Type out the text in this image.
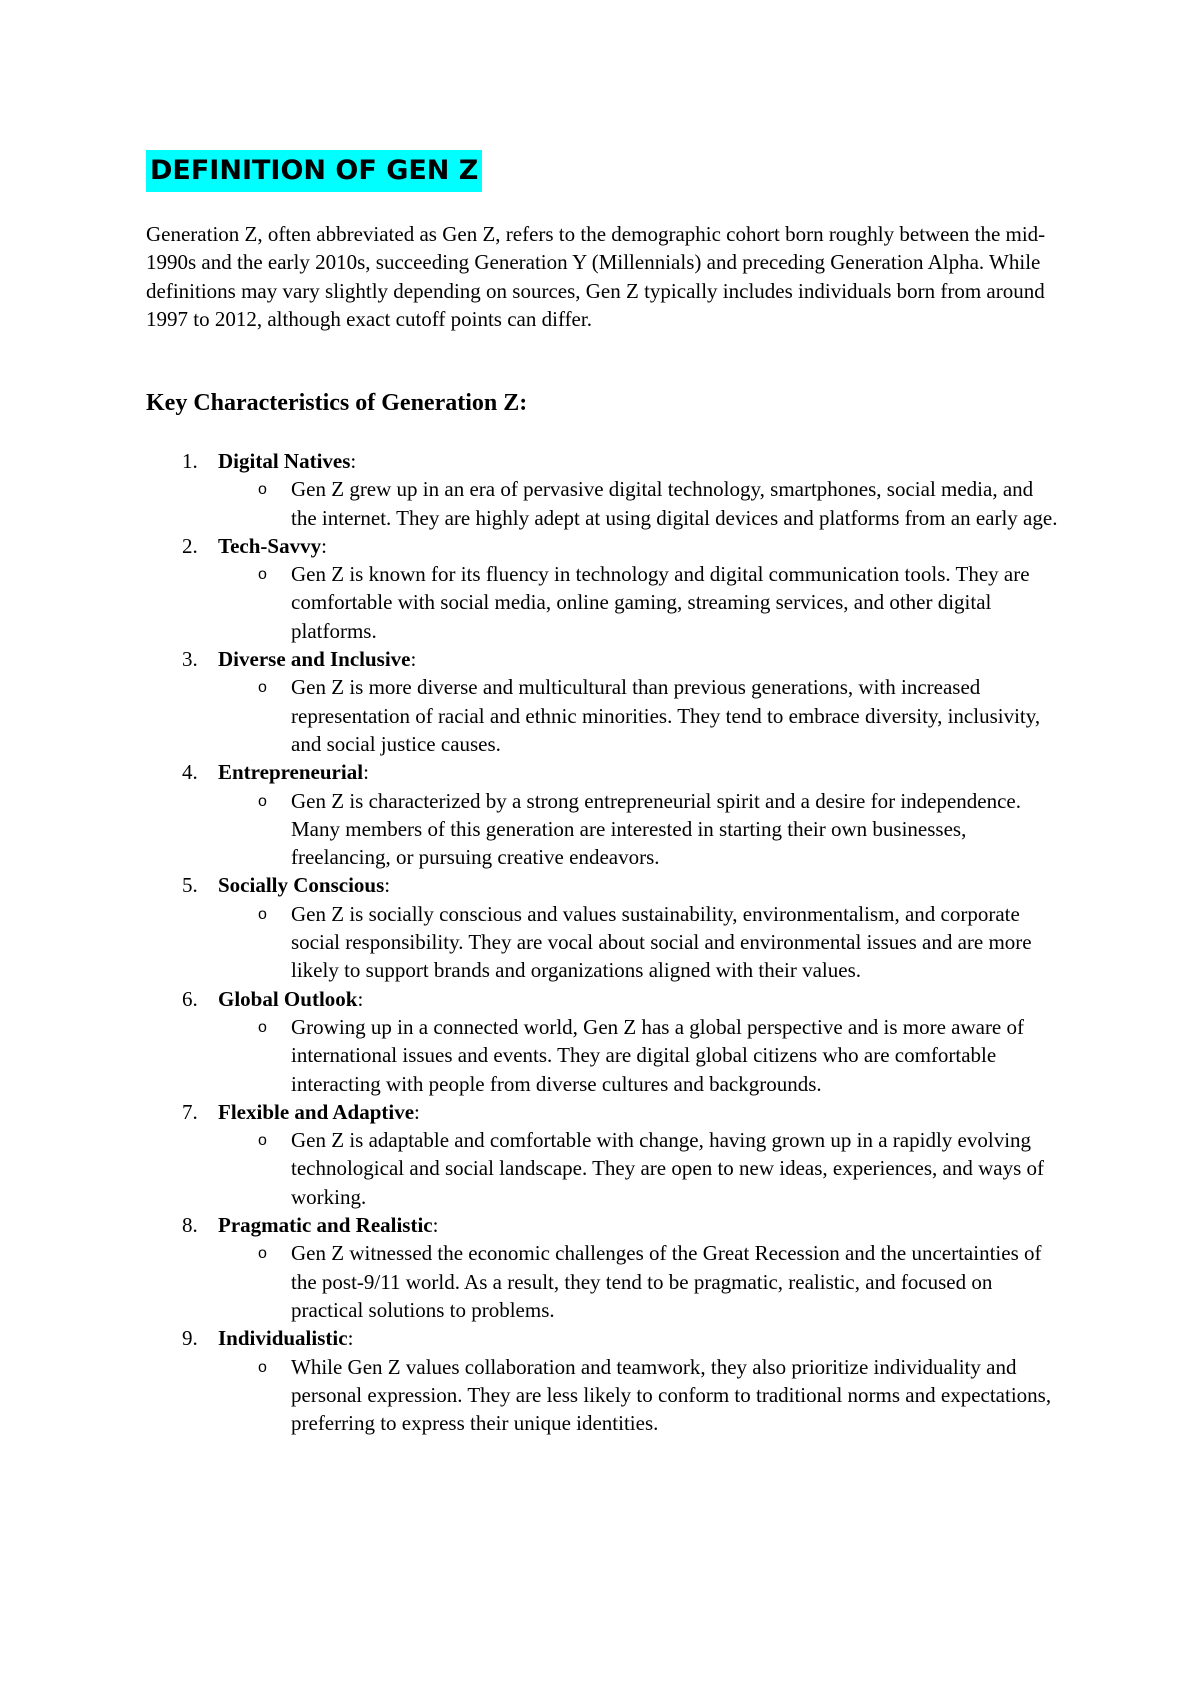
DEFINITION OF GEN Z

Generation Z, often abbreviated as Gen Z, refers to the demographic cohort born roughly between the mid-1990s and the early 2010s, succeeding Generation Y (Millennials) and preceding Generation Alpha. While definitions may vary slightly depending on sources, Gen Z typically includes individuals born from around 1997 to 2012, although exact cutoff points can differ.

Key Characteristics of Generation Z:
1. Digital Natives:
o Gen Z grew up in an era of pervasive digital technology, smartphones, social media, and the internet. They are highly adept at using digital devices and platforms from an early age.
2. Tech-Savvy:
o Gen Z is known for its fluency in technology and digital communication tools. They are comfortable with social media, online gaming, streaming services, and other digital platforms.
3. Diverse and Inclusive:
o Gen Z is more diverse and multicultural than previous generations, with increased representation of racial and ethnic minorities. They tend to embrace diversity, inclusivity, and social justice causes.
4. Entrepreneurial:
o Gen Z is characterized by a strong entrepreneurial spirit and a desire for independence. Many members of this generation are interested in starting their own businesses, freelancing, or pursuing creative endeavors.
5. Socially Conscious:
o Gen Z is socially conscious and values sustainability, environmentalism, and corporate social responsibility. They are vocal about social and environmental issues and are more likely to support brands and organizations aligned with their values.
6. Global Outlook:
o Growing up in a connected world, Gen Z has a global perspective and is more aware of international issues and events. They are digital global citizens who are comfortable interacting with people from diverse cultures and backgrounds.
7. Flexible and Adaptive:
o Gen Z is adaptable and comfortable with change, having grown up in a rapidly evolving technological and social landscape. They are open to new ideas, experiences, and ways of working.
8. Pragmatic and Realistic:
o Gen Z witnessed the economic challenges of the Great Recession and the uncertainties of the post-9/11 world. As a result, they tend to be pragmatic, realistic, and focused on practical solutions to problems.
9. Individualistic:
o While Gen Z values collaboration and teamwork, they also prioritize individuality and personal expression. They are less likely to conform to traditional norms and expectations, preferring to express their unique identities.
